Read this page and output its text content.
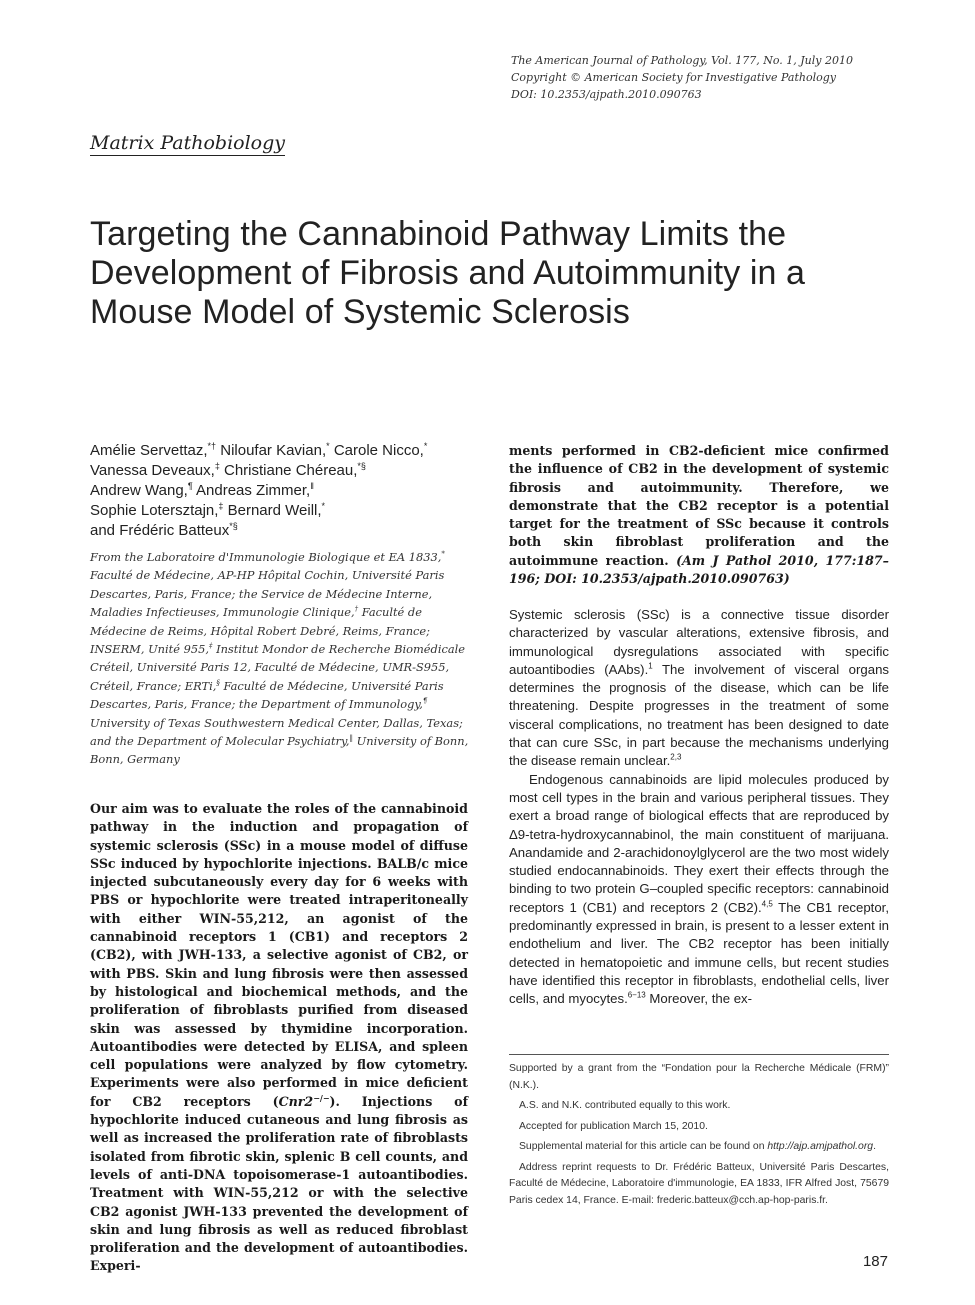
The American Journal of Pathology, Vol. 177, No. 1, July 2010
Copyright © American Society for Investigative Pathology
DOI: 10.2353/ajpath.2010.090763
Matrix Pathobiology
Targeting the Cannabinoid Pathway Limits the
Development of Fibrosis and Autoimmunity in a
Mouse Model of Systemic Sclerosis
Amélie Servettaz,*† Niloufar Kavian,* Carole Nicco,*
Vanessa Deveaux,‡ Christiane Chéreau,*§
Andrew Wang,¶ Andreas Zimmer,‖
Sophie Lotersztajn,‡ Bernard Weill,*
and Frédéric Batteux*§
From the Laboratoire d'Immunologie Biologique et EA 1833,* Faculté de Médecine, AP-HP Hôpital Cochin, Université Paris Descartes, Paris, France; the Service de Médecine Interne, Maladies Infectieuses, Immunologie Clinique,† Faculté de Médecine de Reims, Hôpital Robert Debré, Reims, France; INSERM, Unité 955,‡ Institut Mondor de Recherche Biomédicale Créteil, Université Paris 12, Faculté de Médecine, UMR-S955, Créteil, France; ERTi,§ Faculté de Médecine, Université Paris Descartes, Paris, France; the Department of Immunology,¶ University of Texas Southwestern Medical Center, Dallas, Texas; and the Department of Molecular Psychiatry,‖ University of Bonn, Bonn, Germany
Our aim was to evaluate the roles of the cannabinoid pathway in the induction and propagation of systemic sclerosis (SSc) in a mouse model of diffuse SSc induced by hypochlorite injections. BALB/c mice injected subcutaneously every day for 6 weeks with PBS or hypochlorite were treated intraperitoneally with either WIN-55,212, an agonist of the cannabinoid receptors 1 (CB1) and receptors 2 (CB2), with JWH-133, a selective agonist of CB2, or with PBS. Skin and lung fibrosis were then assessed by histological and biochemical methods, and the proliferation of fibroblasts purified from diseased skin was assessed by thymidine incorporation. Autoantibodies were detected by ELISA, and spleen cell populations were analyzed by flow cytometry. Experiments were also performed in mice deficient for CB2 receptors (Cnr2−/−). Injections of hypochlorite induced cutaneous and lung fibrosis as well as increased the proliferation rate of fibroblasts isolated from fibrotic skin, splenic B cell counts, and levels of anti-DNA topoisomerase-1 autoantibodies. Treatment with WIN-55,212 or with the selective CB2 agonist JWH-133 prevented the development of skin and lung fibrosis as well as reduced fibroblast proliferation and the development of autoantibodies. Experi-
ments performed in CB2-deficient mice confirmed the influence of CB2 in the development of systemic fibrosis and autoimmunity. Therefore, we demonstrate that the CB2 receptor is a potential target for the treatment of SSc because it controls both skin fibroblast proliferation and the autoimmune reaction. (Am J Pathol 2010, 177:187–196; DOI: 10.2353/ajpath.2010.090763)

Systemic sclerosis (SSc) is a connective tissue disorder characterized by vascular alterations, extensive fibrosis, and immunological dysregulations associated with specific autoantibodies (AAbs).$^1$ The involvement of visceral organs determines the prognosis of the disease, which can be life threatening. Despite progresses in the treatment of some visceral complications, no treatment has been designed to date that can cure SSc, in part because the mechanisms underlying the disease remain unclear.$^{2,3}$

Endogenous cannabinoids are lipid molecules produced by most cell types in the brain and various peripheral tissues. They exert a broad range of biological effects that are reproduced by Δ9-tetra-hydroxycannabinol, the main constituent of marijuana. Anandamide and 2-arachidonoylglycerol are the two most widely studied endocannabinoids. They exert their effects through the binding to two protein G–coupled specific receptors: cannabinoid receptors 1 (CB1) and receptors 2 (CB2).$^{4,5}$ The CB1 receptor, predominantly expressed in brain, is present to a lesser extent in endothelium and liver. The CB2 receptor has been initially detected in hematopoietic and immune cells, but recent studies have identified this receptor in fibroblasts, endothelial cells, liver cells, and myocytes.$^{6-13}$ Moreover, the ex-

Supported by a grant from the “Fondation pour la Recherche Médicale (FRM)” (N.K.).

A.S. and N.K. contributed equally to this work.

Accepted for publication March 15, 2010.

Supplemental material for this article can be found on http://ajp.amjpathol.org.

Address reprint requests to Dr. Frédéric Batteux, Université Paris Descartes, Faculté de Médecine, Laboratoire d'immunologie, EA 1833, IFR Alfred Jost, 75679 Paris cedex 14, France. E-mail: frederic.batteux@cch.ap-hop-paris.fr.

187
